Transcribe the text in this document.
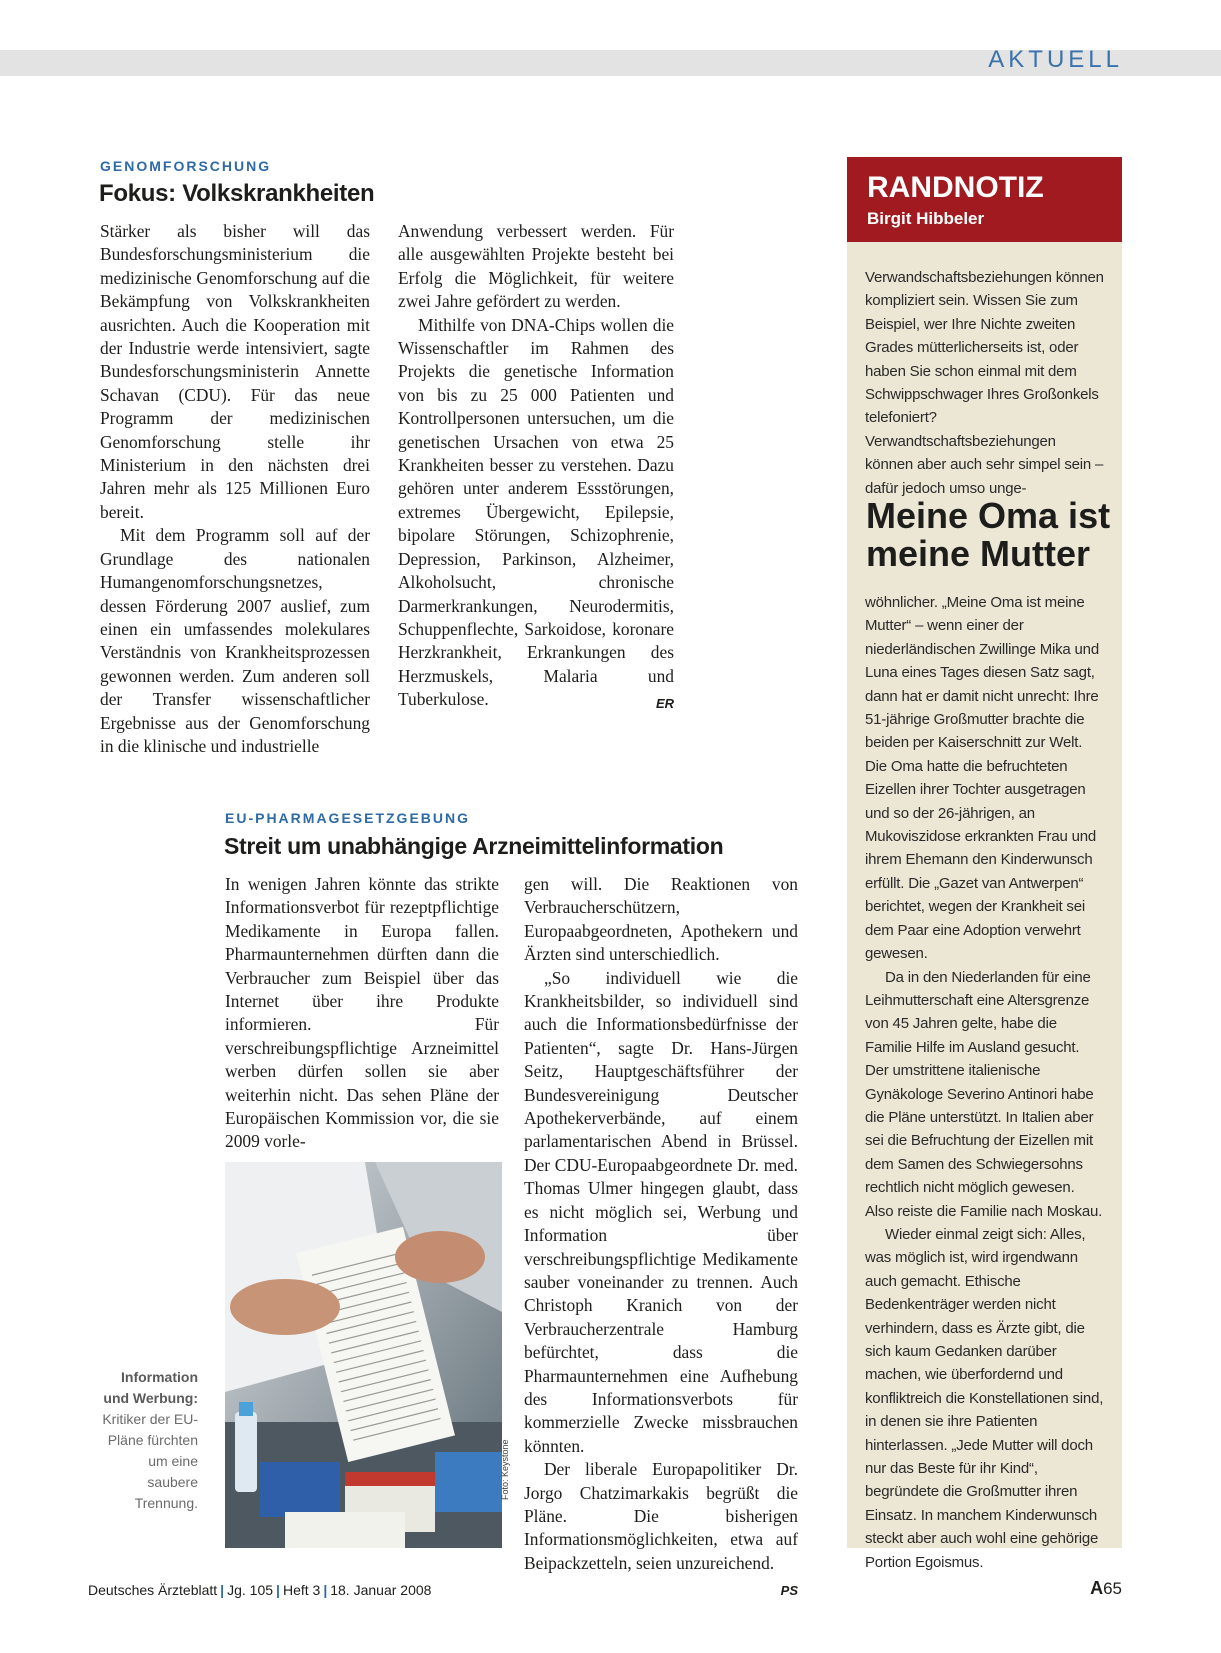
AKTUELL
GENOMFORSCHUNG
Fokus: Volkskrankheiten

Stärker als bisher will das Bundesforschungsministerium die medizinische Genomforschung auf die Bekämpfung von Volkskrankheiten ausrichten. Auch die Kooperation mit der Industrie werde intensiviert, sagte Bundesforschungsministerin Annette Schavan (CDU). Für das neue Programm der medizinischen Genomforschung stelle ihr Ministerium in den nächsten drei Jahren mehr als 125 Millionen Euro bereit.

Mit dem Programm soll auf der Grundlage des nationalen Humangenomforschungsnetzes, dessen Förderung 2007 auslief, zum einen ein umfassendes molekulares Verständnis von Krankheitsprozessen gewonnen werden. Zum anderen soll der Transfer wissenschaftlicher Ergebnisse aus der Genomforschung in die klinische und industrielle

Anwendung verbessert werden. Für alle ausgewählten Projekte besteht bei Erfolg die Möglichkeit, für weitere zwei Jahre gefördert zu werden.

Mithilfe von DNA-Chips wollen die Wissenschaftler im Rahmen des Projekts die genetische Information von bis zu 25 000 Patienten und Kontrollpersonen untersuchen, um die genetischen Ursachen von etwa 25 Krankheiten besser zu verstehen. Dazu gehören unter anderem Essstörungen, extremes Übergewicht, Epilepsie, bipolare Störungen, Schizophrenie, Depression, Parkinson, Alzheimer, Alkoholsucht, chronische Darmerkrankungen, Neurodermitis, Schuppenflechte, Sarkoidose, koronare Herzkrankheit, Erkrankungen des Herzmuskels, Malaria und Tuberkulose.	ER

EU-PHARMAGESETZGEBUNG
Streit um unabhängige Arzneimittelinformation

In wenigen Jahren könnte das strikte Informationsverbot für rezeptpflichtige Medikamente in Europa fallen. Pharmaunternehmen dürften dann die Verbraucher zum Beispiel über das Internet über ihre Produkte informieren. Für verschreibungspflichtige Arzneimittel werben dürfen sollen sie aber weiterhin nicht. Das sehen Pläne der Europäischen Kommission vor, die sie 2009 vorle-

gen will. Die Reaktionen von Verbraucherschützern, Europaabgeordneten, Apothekern und Ärzten sind unterschiedlich.

„So individuell wie die Krankheitsbilder, so individuell sind auch die Informationsbedürfnisse der Patienten“, sagte Dr. Hans-Jürgen Seitz, Hauptgeschäftsführer der Bundesvereinigung Deutscher Apothekerverbände, auf einem parlamentarischen Abend in Brüssel. Der CDU-Europaabgeordnete Dr. med. Thomas Ulmer hingegen glaubt, dass es nicht möglich sei, Werbung und Information über verschreibungspflichtige Medikamente sauber voneinander zu trennen. Auch Christoph Kranich von der Verbraucherzentrale Hamburg befürchtet, dass die Pharmaunternehmen eine Aufhebung des Informationsverbots für kommerzielle Zwecke missbrauchen könnten.

Der liberale Europapolitiker Dr. Jorgo Chatzimarkakis begrüßt die Pläne. Die bisherigen Informationsmöglichkeiten, etwa auf Beipackzetteln, seien unzureichend.
PS

Foto: Keystone
Information und Werbung: Kritiker der EU-Pläne fürchten um eine saubere Trennung.
RANDNOTIZ
Birgit Hibbeler

Verwandschaftsbeziehungen können kompliziert sein. Wissen Sie zum Beispiel, wer Ihre Nichte zweiten Grades mütterlicherseits ist, oder haben Sie schon einmal mit dem Schwippschwager Ihres Großonkels telefoniert? Verwandtschaftsbeziehungen können aber auch sehr simpel sein – dafür jedoch umso unge-

Meine Oma ist meine Mutter

wöhnlicher. „Meine Oma ist meine Mutter“ – wenn einer der niederländischen Zwillinge Mika und Luna eines Tages diesen Satz sagt, dann hat er damit nicht unrecht: Ihre 51-jährige Großmutter brachte die beiden per Kaiserschnitt zur Welt. Die Oma hatte die befruchteten Eizellen ihrer Tochter ausgetragen und so der 26-jährigen, an Mukoviszidose erkrankten Frau und ihrem Ehemann den Kinderwunsch erfüllt. Die „Gazet van Antwerpen“ berichtet, wegen der Krankheit sei dem Paar eine Adoption verwehrt gewesen.

Da in den Niederlanden für eine Leihmutterschaft eine Altersgrenze von 45 Jahren gelte, habe die Familie Hilfe im Ausland gesucht. Der umstrittene italienische Gynäkologe Severino Antinori habe die Pläne unterstützt. In Italien aber sei die Befruchtung der Eizellen mit dem Samen des Schwiegersohns rechtlich nicht möglich gewesen. Also reiste die Familie nach Moskau.

Wieder einmal zeigt sich: Alles, was möglich ist, wird irgendwann auch gemacht. Ethische Bedenkenträger werden nicht verhindern, dass es Ärzte gibt, die sich kaum Gedanken darüber machen, wie überfordernd und konfliktreich die Konstellationen sind, in denen sie ihre Patienten hinterlassen. „Jede Mutter will doch nur das Beste für ihr Kind“, begründete die Großmutter ihren Einsatz. In manchem Kinderwunsch steckt aber auch wohl eine gehörige Portion Egoismus.

Deutsches Ärzteblatt | Jg. 105 | Heft 3 | 18. Januar 2008	A65
